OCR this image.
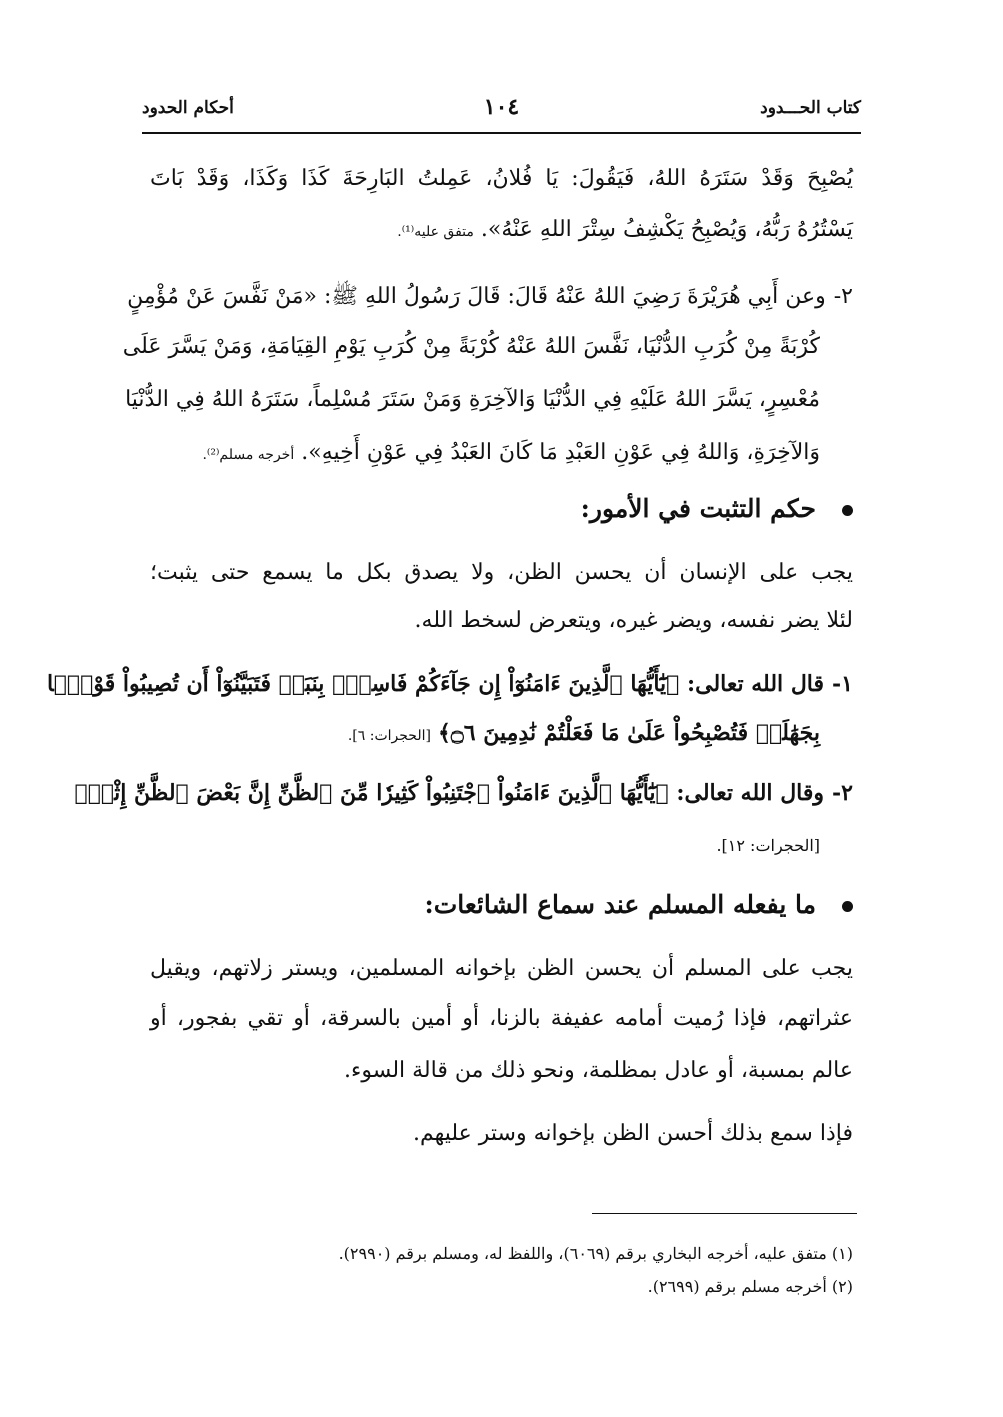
كتاب الحـــدود
١٠٤
أحكام الحدود
يُصْبِحَ وَقَدْ سَتَرَهُ اللهُ، فَيَقُولَ: يَا فُلانُ، عَمِلتُ البَارِحَةَ كَذَا وَكَذَا، وَقَدْ بَاتَ
يَسْتُرُهُ رَبُّهُ، وَيُصْبِحُ يَكْشِفُ سِتْرَ اللهِ عَنْهُ». متفق عليه⁽¹⁾.
٢-وعن أَبِي هُرَيْرَةَ رَضِيَ اللهُ عَنْهُ قَالَ: قَالَ رَسُولُ اللهِ ﷺ: «مَنْ نَفَّسَ عَنْ مُؤْمِنٍ
كُرْبَةً مِنْ كُرَبِ الدُّنْيَا، نَفَّسَ اللهُ عَنْهُ كُرْبَةً مِنْ كُرَبِ يَوْمِ القِيَامَةِ، وَمَنْ يَسَّرَ عَلَى
مُعْسِرٍ، يَسَّرَ اللهُ عَلَيْهِ فِي الدُّنْيَا وَالآخِرَةِ وَمَنْ سَتَرَ مُسْلِماً، سَتَرَهُ اللهُ فِي الدُّنْيَا
وَالآخِرَةِ، وَاللهُ فِي عَوْنِ العَبْدِ مَا كَانَ العَبْدُ فِي عَوْنِ أَخِيهِ». أخرجه مسلم⁽²⁾.
حكم التثبت في الأمور:
يجب على الإنسان أن يحسن الظن، ولا يصدق بكل ما يسمع حتى يثبت؛
لئلا يضر نفسه، ويضر غيره، ويتعرض لسخط الله.
١-قال الله تعالى: ﴿يَٰٓأَيُّهَا ٱلَّذِينَ ءَامَنُوٓاْ إِن جَآءَكُمْ فَاسِقُۢ بِنَبَإٖ فَتَبَيَّنُوٓاْ أَن تُصِيبُواْ قَوْمَۢا
بِجَهَٰلَةٖ فَتُصْبِحُواْ عَلَىٰ مَا فَعَلْتُمْ نَٰدِمِينَ ۝٦﴾ [الحجرات: ٦].
٢-وقال الله تعالى: ﴿يَٰٓأَيُّهَا ٱلَّذِينَ ءَامَنُواْ ٱجْتَنِبُواْ كَثِيرٗا مِّنَ ٱلظَّنِّ إِنَّ بَعْضَ ٱلظَّنِّ إِثْمٞ﴾
[الحجرات: ١٢].
ما يفعله المسلم عند سماع الشائعات:
يجب على المسلم أن يحسن الظن بإخوانه المسلمين، ويستر زلاتهم، ويقيل
عثراتهم، فإذا رُميت أمامه عفيفة بالزنا، أو أمين بالسرقة، أو تقي بفجور، أو
عالم بمسبة، أو عادل بمظلمة، ونحو ذلك من قالة السوء.
فإذا سمع بذلك أحسن الظن بإخوانه وستر عليهم.
(١) متفق عليه، أخرجه البخاري برقم (٦٠٦٩)، واللفظ له، ومسلم برقم (٢٩٩٠).
(٢) أخرجه مسلم برقم (٢٦٩٩).
